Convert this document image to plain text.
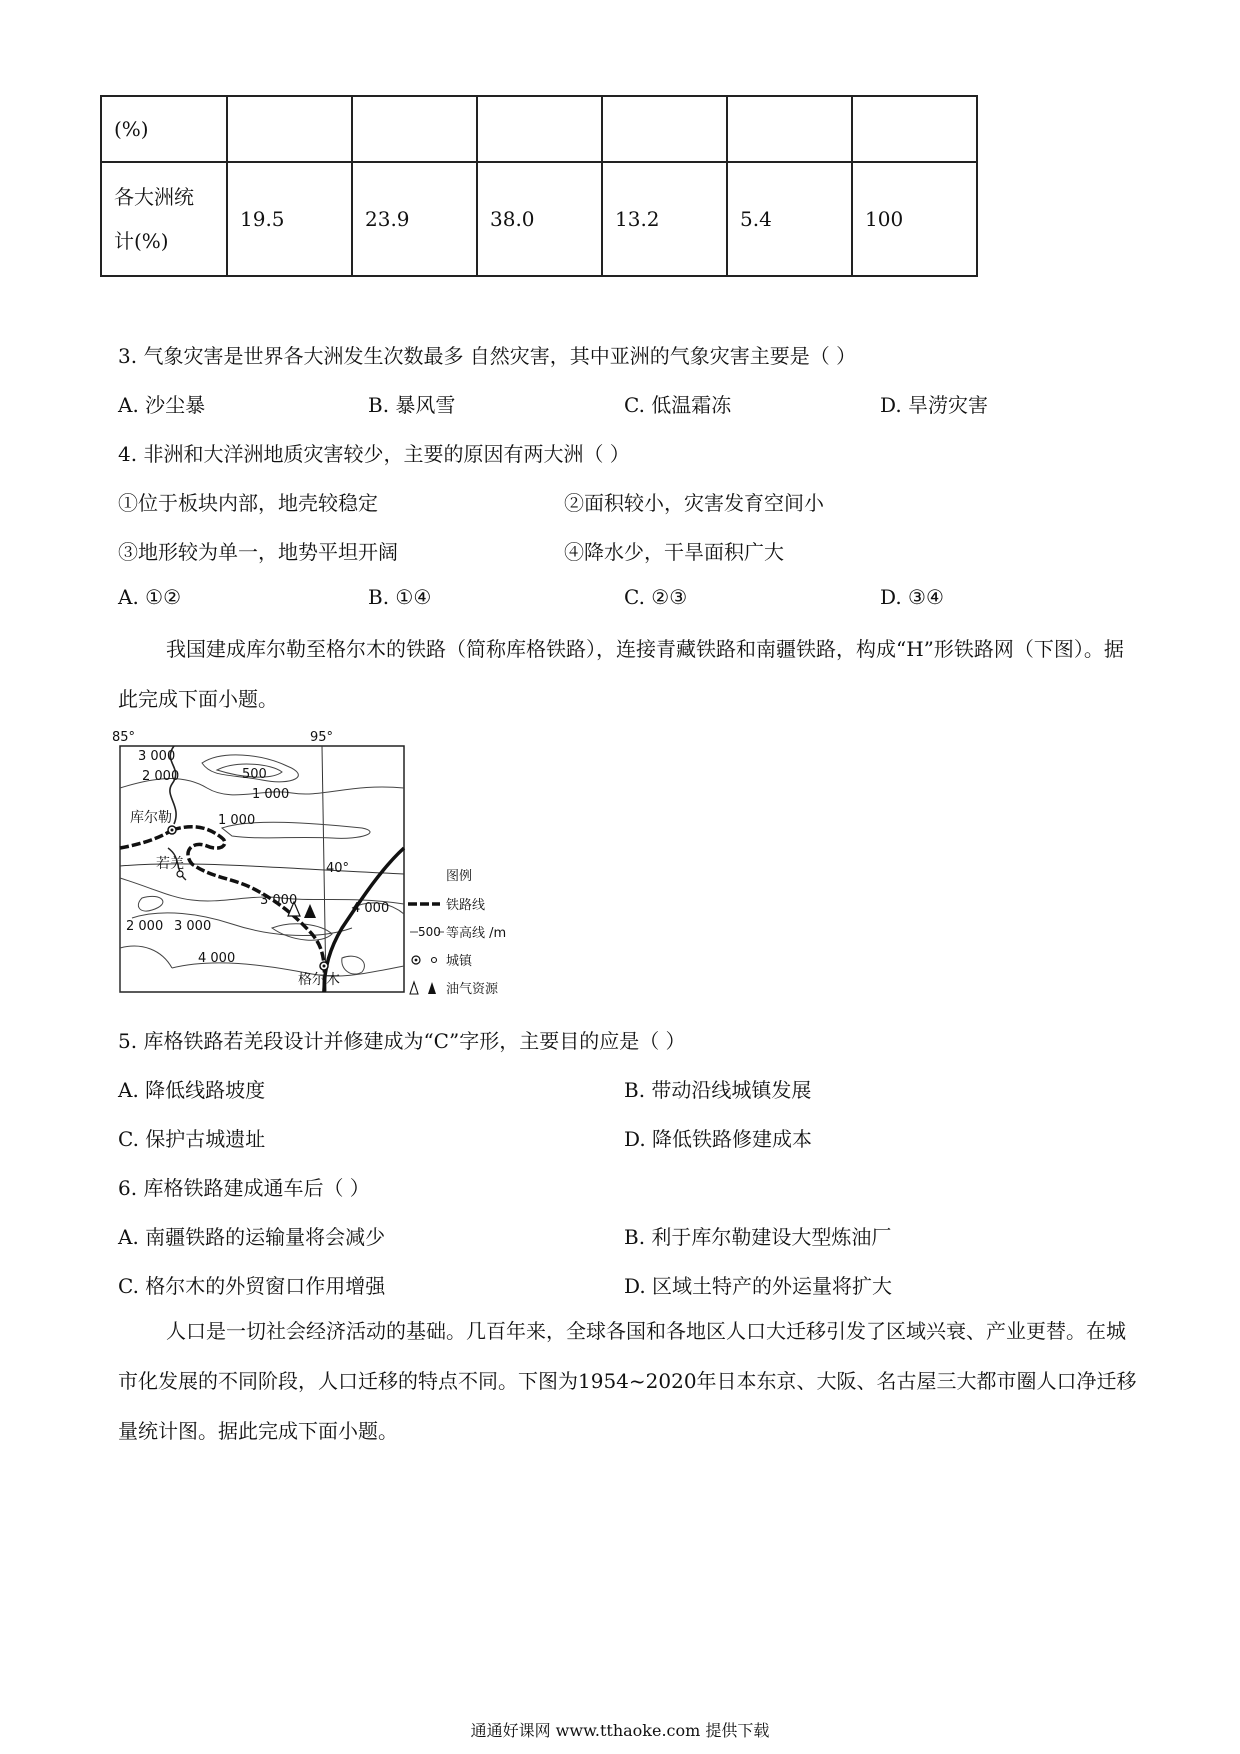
(%)						
各大洲统
计(%)	19.5	23.9	38.0	13.2	5.4	100
3. 气象灾害是世界各大洲发生次数最多 自然灾害，其中亚洲的气象灾害主要是（ ）
A. 沙尘暴	B. 暴风雪	C. 低温霜冻	D. 旱涝灾害
4. 非洲和大洋洲地质灾害较少，主要的原因有两大洲（ ）
①位于板块内部，地壳较稳定	②面积较小，灾害发育空间小
③地形较为单一，地势平坦开阔	④降水少，干旱面积广大
A. ①②	B. ①④	C. ②③	D. ③④
我国建成库尔勒至格尔木的铁路（简称库格铁路），连接青藏铁路和南疆铁路，构成“H”形铁路网（下图）。据此完成下面小题。
85°	95°
40°
3 000
2 000	500
1 000
1 000
3 000
4 000
2 000 3 000
4 000
库尔勒
若羌
格尔木
图例
铁路线
500 等高线 /m
城镇
油气资源
5. 库格铁路若羌段设计并修建成为“C”字形，主要目的应是（ ）
A. 降低线路坡度	B. 带动沿线城镇发展
C. 保护古城遗址	D. 降低铁路修建成本
6. 库格铁路建成通车后（ ）
A. 南疆铁路的运输量将会减少	B. 利于库尔勒建设大型炼油厂
C. 格尔木的外贸窗口作用增强	D. 区域土特产的外运量将扩大
人口是一切社会经济活动的基础。几百年来，全球各国和各地区人口大迁移引发了区域兴衰、产业更替。在城市化发展的不同阶段，人口迁移的特点不同。下图为1954~2020年日本东京、大阪、名古屋三大都市圈人口净迁移量统计图。据此完成下面小题。
通通好课网 www.tthaoke.com 提供下载
